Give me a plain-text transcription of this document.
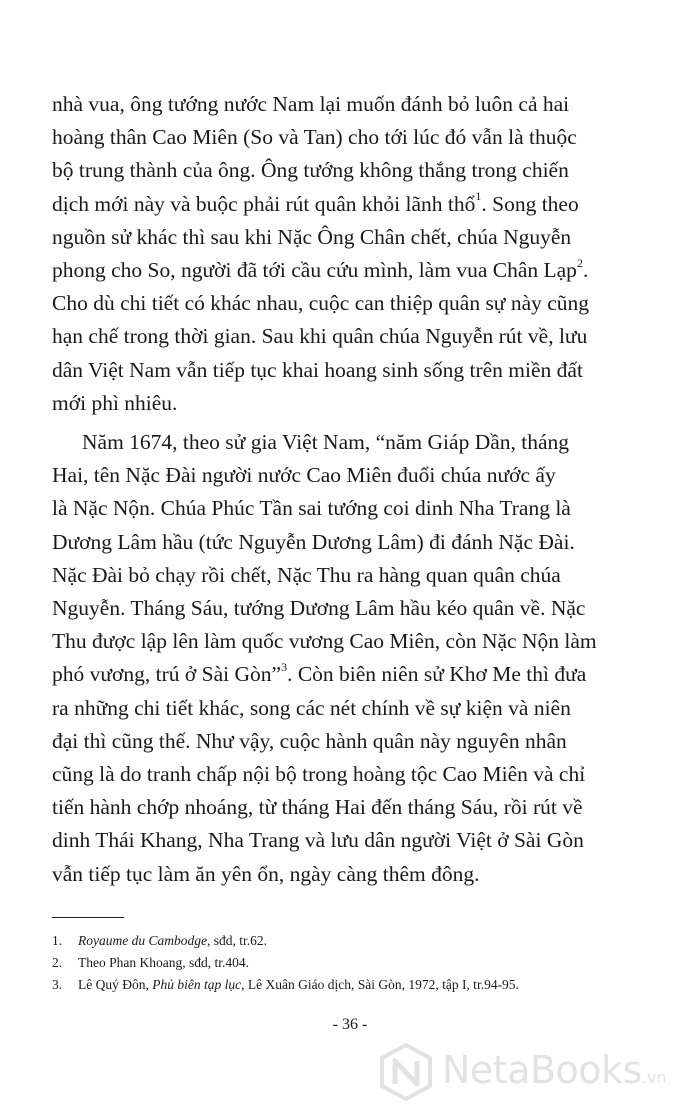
nhà vua, ông tướng nước Nam lại muốn đánh bỏ luôn cả hai
hoàng thân Cao Miên (So và Tan) cho tới lúc đó vẫn là thuộc
bộ trung thành của ông. Ông tướng không thắng trong chiến
dịch mới này và buộc phải rút quân khỏi lãnh thổ$^1$. Song theo
nguồn sử khác thì sau khi Nặc Ông Chân chết, chúa Nguyễn
phong cho So, người đã tới cầu cứu mình, làm vua Chân Lạp$^2$.
Cho dù chi tiết có khác nhau, cuộc can thiệp quân sự này cũng
hạn chế trong thời gian. Sau khi quân chúa Nguyễn rút về, lưu
dân Việt Nam vẫn tiếp tục khai hoang sinh sống trên miền đất
mới phì nhiêu.

Năm 1674, theo sử gia Việt Nam, “năm Giáp Dần, tháng
Hai, tên Nặc Đài người nước Cao Miên đuổi chúa nước ấy
là Nặc Nộn. Chúa Phúc Tần sai tướng coi dinh Nha Trang là
Dương Lâm hầu (tức Nguyễn Dương Lâm) đi đánh Nặc Đài.
Nặc Đài bỏ chạy rồi chết, Nặc Thu ra hàng quan quân chúa
Nguyễn. Tháng Sáu, tướng Dương Lâm hầu kéo quân về. Nặc
Thu được lập lên làm quốc vương Cao Miên, còn Nặc Nộn làm
phó vương, trú ở Sài Gòn”$^3$. Còn biên niên sử Khơ Me thì đưa
ra những chi tiết khác, song các nét chính về sự kiện và niên
đại thì cũng thế. Như vậy, cuộc hành quân này nguyên nhân
cũng là do tranh chấp nội bộ trong hoàng tộc Cao Miên và chỉ
tiến hành chớp nhoáng, từ tháng Hai đến tháng Sáu, rồi rút về
dinh Thái Khang, Nha Trang và lưu dân người Việt ở Sài Gòn
vẫn tiếp tục làm ăn yên ổn, ngày càng thêm đông.

1.	Royaume du Cambodge, sđd, tr.62.
2.	Theo Phan Khoang, sđd, tr.404.
3.	Lê Quý Đôn, Phủ biên tạp lục, Lê Xuân Giáo dịch, Sài Gòn, 1972, tập I, tr.94-95.
- 36 -
NetaBooks.vn
